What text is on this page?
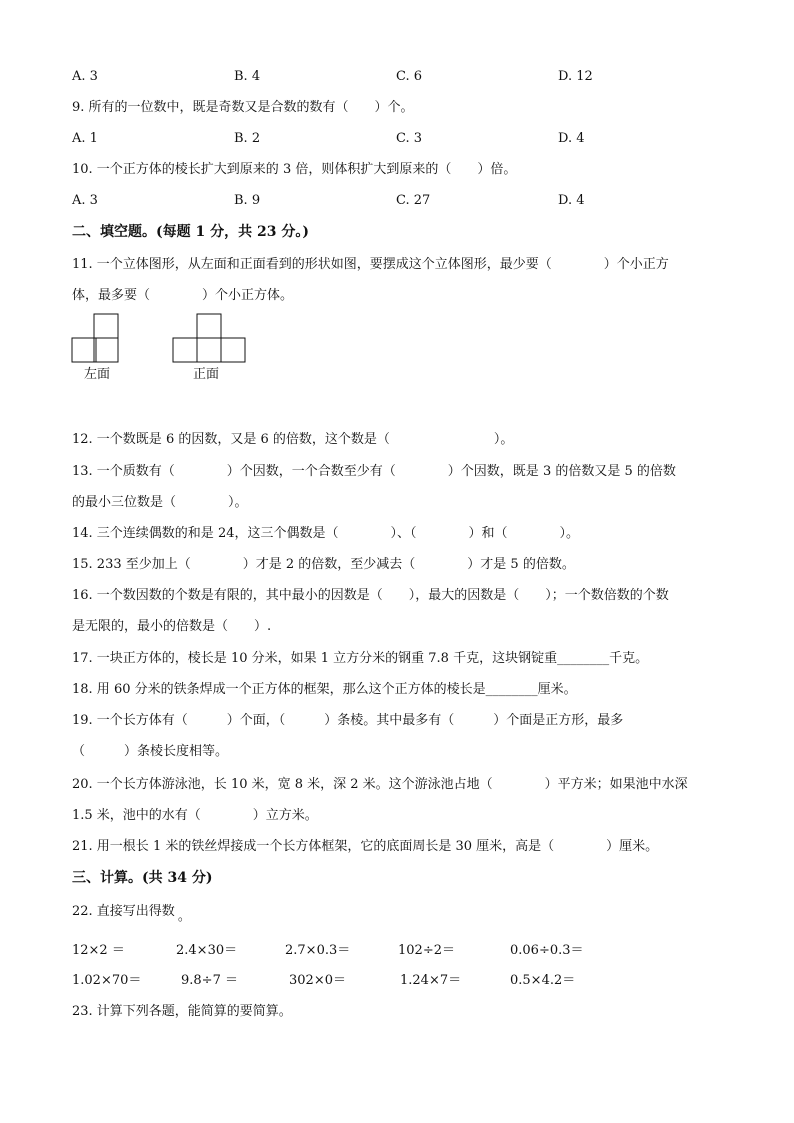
A. 3	B. 4	C. 6	D. 12
9. 所有的一位数中，既是奇数又是合数的数有（　　）个。
A. 1	B. 2	C. 3	D. 4
10. 一个正方体的棱长扩大到原来的 3 倍，则体积扩大到原来的（　　）倍。
A. 3	B. 9	C. 27	D. 4
二、填空题。(每题 1 分，共 23 分。)
11. 一个立体图形，从左面和正面看到的形状如图，要摆成这个立体图形，最少要（　　　　）个小正方
体，最多要（　　　　）个小正方体。
左面	正面
12. 一个数既是 6 的因数，又是 6 的倍数，这个数是（　　　　　　　　）。
13. 一个质数有（　　　　）个因数，一个合数至少有（　　　　）个因数，既是 3 的倍数又是 5 的倍数
的最小三位数是（　　　　）。
14. 三个连续偶数的和是 24，这三个偶数是（　　　　）、（　　　　）和（　　　　）。
15. 233 至少加上（　　　　）才是 2 的倍数，至少减去（　　　　）才是 5 的倍数。
16. 一个数因数的个数是有限的，其中最小的因数是（　　），最大的因数是（　　）；一个数倍数的个数
是无限的，最小的倍数是（　　）.
17. 一块正方体的，棱长是 10 分米，如果 1 立方分米的钢重 7.8 千克，这块钢锭重________千克。
18. 用 60 分米的铁条焊成一个正方体的框架，那么这个正方体的棱长是________厘米。
19. 一个长方体有（　　　）个面，（　　　）条棱。其中最多有（　　　）个面是正方形，最多
（　　　）条棱长度相等。
20. 一个长方体游泳池，长 10 米，宽 8 米，深 2 米。这个游泳池占地（　　　　）平方米；如果池中水深
1.5 米，池中的水有（　　　　）立方米。
21. 用一根长 1 米的铁丝焊接成一个长方体框架，它的底面周长是 30 厘米，高是（　　　　）厘米。
三、计算。(共 34 分)
22. 直接写出得数 。
12×2 ＝	2.4×30＝	2.7×0.3＝	102÷2＝	0.06÷0.3＝
1.02×70＝	9.8÷7 ＝	302×0＝	1.24×7＝	0.5×4.2＝
23. 计算下列各题，能简算的要简算。
